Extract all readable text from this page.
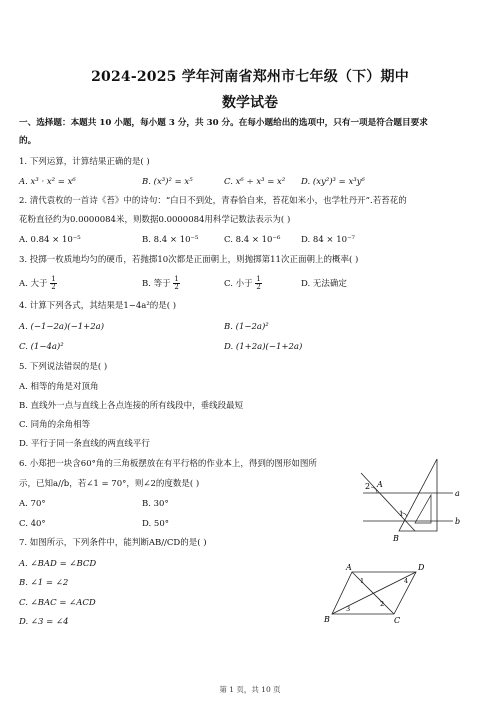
2024-2025 学年河南省郑州市七年级（下）期中
数学试卷
一、选择题：本题共 10 小题，每小题 3 分，共 30 分。在每小题给出的选项中，只有一项是符合题目要求
的。
1. 下列运算，计算结果正确的是( )
A. x³ · x² = x⁶	B. (x³)² = x⁵	C. x⁶ ÷ x³ = x² D. (xy²)³ = x³y⁶
2. 清代袁枚的一首诗《苔》中的诗句：“白日不到处，青春恰自来，苔花如米小，也学牡丹开”.若苔花的
花粉直径约为0.0000084米，则数据0.0000084用科学记数法表示为( )
A. 0.84 × 10⁻⁵	B. 8.4 × 10⁻⁵	C. 8.4 × 10⁻⁶ D. 84 × 10⁻⁷
3. 投掷一枚质地均匀的硬币，若抛掷10次都是正面朝上，则抛掷第11次正面朝上的概率( )
A. 大于 $\frac{1}{2}$	B. 等于 $\frac{1}{2}$	C. 小于 $\frac{1}{2}$	D. 无法确定
4. 计算下列各式，其结果是1−4a²的是( )
A. (−1−2a)(−1+2a)	B. (1−2a)²
C. (1−4a)²	D. (1+2a)(−1+2a)
5. 下列说法错误的是( )
A. 相等的角是对顶角
B. 直线外一点与直线上各点连接的所有线段中，垂线段最短
C. 同角的余角相等
D. 平行于同一条直线的两直线平行
6. 小郑把一块含60°角的三角板摆放在有平行格的作业本上，得到的图形如图所
示，已知a//b，若∠1 = 70°，则∠2的度数是( )
A. 70°	B. 30°
C. 40°	D. 50°
2 A
a
1
B
b
7. 如图所示，下列条件中，能判断AB//CD的是( )
A. ∠BAD = ∠BCD
B. ∠1 = ∠2
C. ∠BAC = ∠ACD
D. ∠3 = ∠4
A	D
1	4
2
B
3
C
第 1 页，共 10 页
